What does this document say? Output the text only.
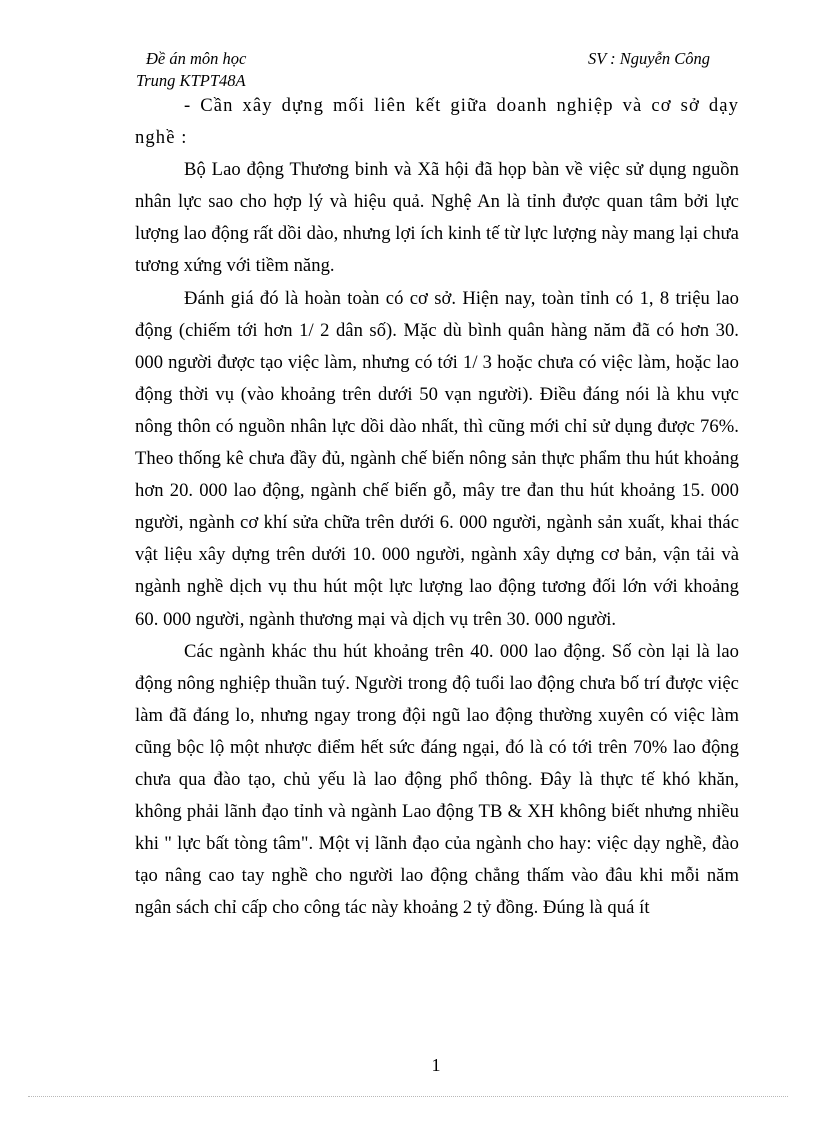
Đề án môn học
Trung KTPT48A
SV : Nguyễn Công

- Cần xây dựng mối liên kết giữa doanh nghiệp và cơ sở dạy nghề :

Bộ Lao động Thương binh và Xã hội đã họp bàn về việc sử dụng nguồn nhân lực sao cho hợp lý và hiệu quả. Nghệ An là tỉnh được quan tâm bởi lực lượng lao động rất dồi dào, nhưng lợi ích kinh tế từ lực lượng này mang lại chưa tương xứng với tiềm năng.

Đánh giá đó là hoàn toàn có cơ sở. Hiện nay, toàn tỉnh có 1, 8 triệu lao động (chiếm tới hơn 1/ 2 dân số). Mặc dù bình quân hàng năm đã có hơn 30. 000 người được tạo việc làm, nhưng có tới 1/ 3 hoặc chưa có việc làm, hoặc lao động thời vụ (vào khoảng trên dưới 50 vạn người). Điều đáng nói là khu vực nông thôn có nguồn nhân lực dồi dào nhất, thì cũng mới chỉ sử dụng được 76%. Theo thống kê chưa đầy đủ, ngành chế biến nông sản thực phẩm thu hút khoảng hơn 20. 000 lao động, ngành chế biến gỗ, mây tre đan thu hút khoảng 15. 000 người, ngành cơ khí sửa chữa trên dưới 6. 000 người, ngành sản xuất, khai thác vật liệu xây dựng trên dưới 10. 000 người, ngành xây dựng cơ bản, vận tải và ngành nghề dịch vụ thu hút một lực lượng lao động tương đối lớn với khoảng 60. 000 người, ngành thương mại và dịch vụ trên 30. 000 người.

Các ngành khác thu hút khoảng trên 40. 000 lao động. Số còn lại là lao động nông nghiệp thuần tuý. Người trong độ tuổi lao động chưa bố trí được việc làm đã đáng lo, nhưng ngay trong đội ngũ lao động thường xuyên có việc làm cũng bộc lộ một nhược điểm hết sức đáng ngại, đó là có tới trên 70% lao động chưa qua đào tạo, chủ yếu là lao động phổ thông. Đây là thực tế khó khăn, không phải lãnh đạo tỉnh và ngành Lao động TB & XH không biết nhưng nhiều khi " lực bất tòng tâm". Một vị lãnh đạo của ngành cho hay: việc dạy nghề, đào tạo nâng cao tay nghề cho người lao động chẳng thấm vào đâu khi mỗi năm ngân sách chỉ cấp cho công tác này khoảng 2 tỷ đồng. Đúng là quá ít

1
